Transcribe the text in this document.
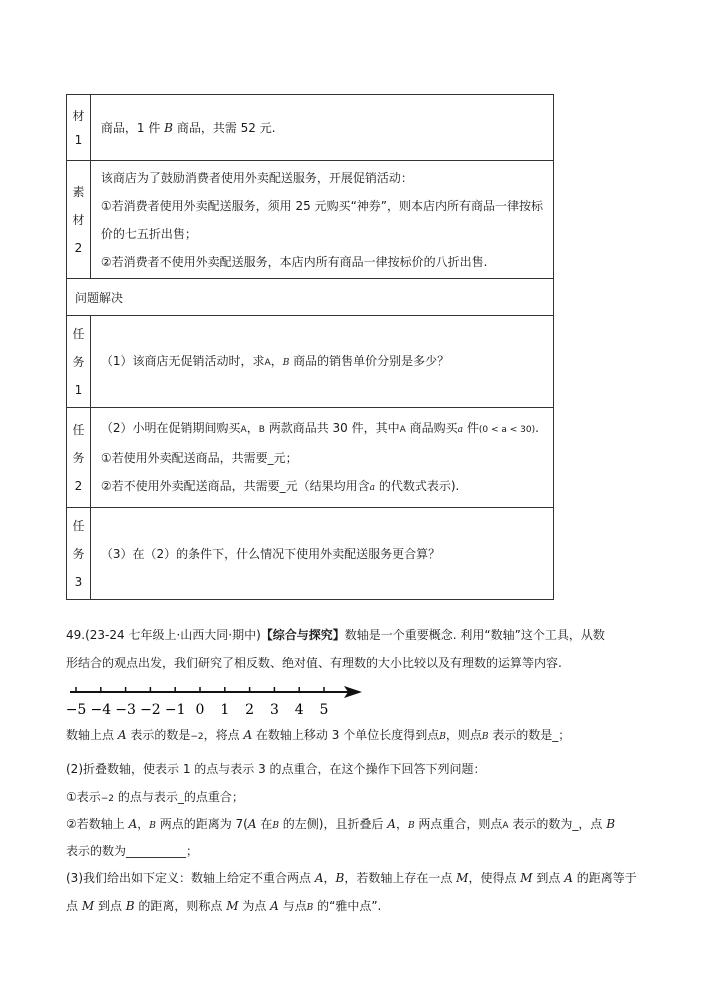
材
1	商品，1 件 B 商品，共需 52 元.

素
材
2	该商店为了鼓励消费者使用外卖配送服务，开展促销活动：
①若消费者使用外卖配送服务，须用 25 元购买“神券”，则本店内所有商品一律按标
价的七五折出售；
②若消费者不使用外卖配送服务，本店内所有商品一律按标价的八折出售.

问题解决	

任
务
1	（1）该商店无促销活动时，求A，B 商品的销售单价分别是多少？

任
务
2	（2）小明在促销期间购买A，B 两款商品共 30 件，其中A 商品购买a 件(0 < a < 30).
①若使用外卖配送商品，共需要_元；
②若不使用外卖配送商品，共需要_元（结果均用含a 的代数式表示).

任
务
3	（3）在（2）的条件下，什么情况下使用外卖配送服务更合算？
49.(23-24 七年级上·山西大同·期中)【综合与探究】数轴是一个重要概念. 利用“数轴”这个工具，从数
形结合的观点出发，我们研究了相反数、绝对值、有理数的大小比较以及有理数的运算等内容.
−5 −4 −3 −2 −1 0 1 2 3 4 5
数轴上点 A 表示的数是−2，将点 A 在数轴上移动 3 个单位长度得到点B，则点B 表示的数是_；
(2)折叠数轴，使表示 1 的点与表示 3 的点重合，在这个操作下回答下列问题：
①表示−2 的点与表示_的点重合；
②若数轴上 A，B 两点的距离为 7(A 在B 的左侧)，且折叠后 A，B 两点重合，则点A 表示的数为_，点 B
表示的数为__________；
(3)我们给出如下定义：数轴上给定不重合两点 A，B，若数轴上存在一点 M，使得点 M 到点 A 的距离等于
点 M 到点 B 的距离，则称点 M 为点 A 与点B 的“雅中点”.
